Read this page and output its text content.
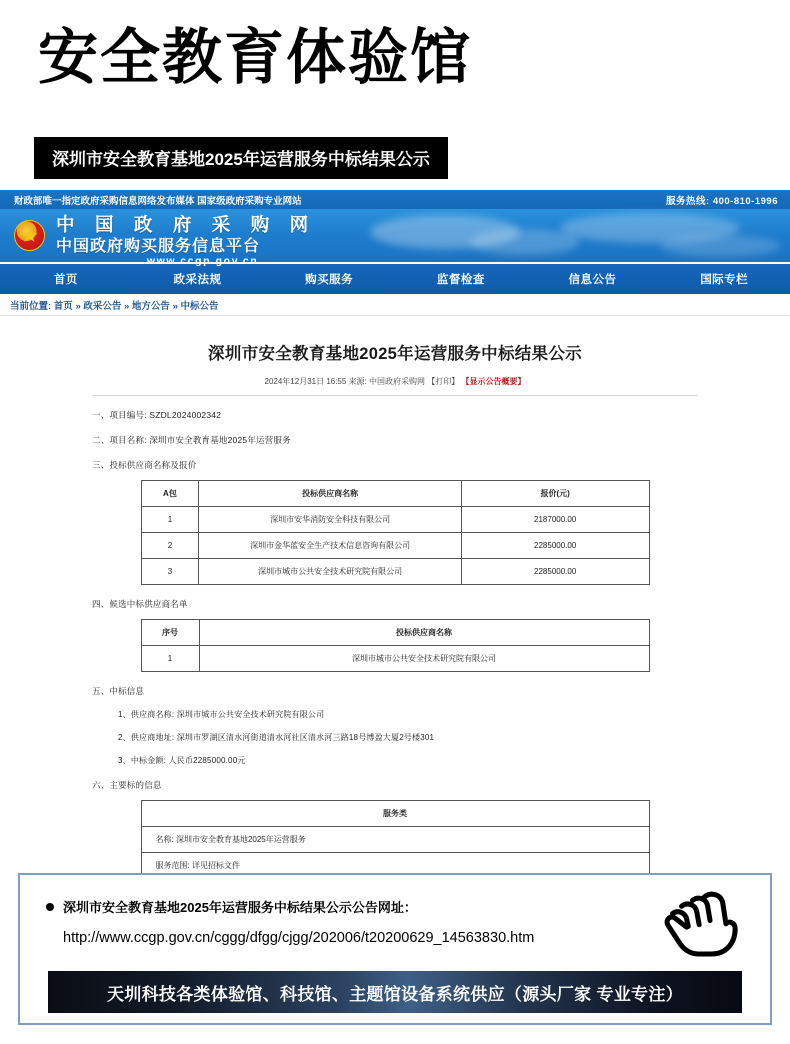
安全教育体验馆
深圳市安全教育基地2025年运营服务中标结果公示
财政部唯一指定政府采购信息网络发布媒体 国家级政府采购专业网站	服务热线: 400-810-1996
中 国 政 府 采 购 网
中国政府购买服务信息平台
www.ccgp.gov.cn
首页	政采法规	购买服务	监督检查	信息公告	国际专栏
当前位置: 首页 » 政采公告 » 地方公告 » 中标公告
深圳市安全教育基地2025年运营服务中标结果公示
2024年12月31日 16:55 来源: 中国政府采购网 【打印】 【显示公告概要】
一、项目编号: SZDL2024002342
二、项目名称: 深圳市安全教育基地2025年运营服务
三、投标供应商名称及报价
A包	投标供应商名称	报价(元)
1	深圳市安华消防安全科技有限公司	2187000.00
2	深圳市金华蓝安全生产技术信息咨询有限公司	2285000.00
3	深圳市城市公共安全技术研究院有限公司	2285000.00
四、候选中标供应商名单
序号	投标供应商名称
1	深圳市城市公共安全技术研究院有限公司
五、中标信息
1、供应商名称: 深圳市城市公共安全技术研究院有限公司
2、供应商地址: 深圳市罗湖区清水河街道清水河社区清水河三路18号博盈大厦2号楼301
3、中标金额: 人民币2285000.00元
六、主要标的信息
服务类
名称: 深圳市安全教育基地2025年运营服务
服务范围: 详见招标文件

深圳市安全教育基地2025年运营服务中标结果公示公告网址：
http://www.ccgp.gov.cn/cggg/dfgg/cjgg/202006/t20200629_14563830.htm
天圳科技各类体验馆、科技馆、主题馆设备系统供应（源头厂家 专业专注）
